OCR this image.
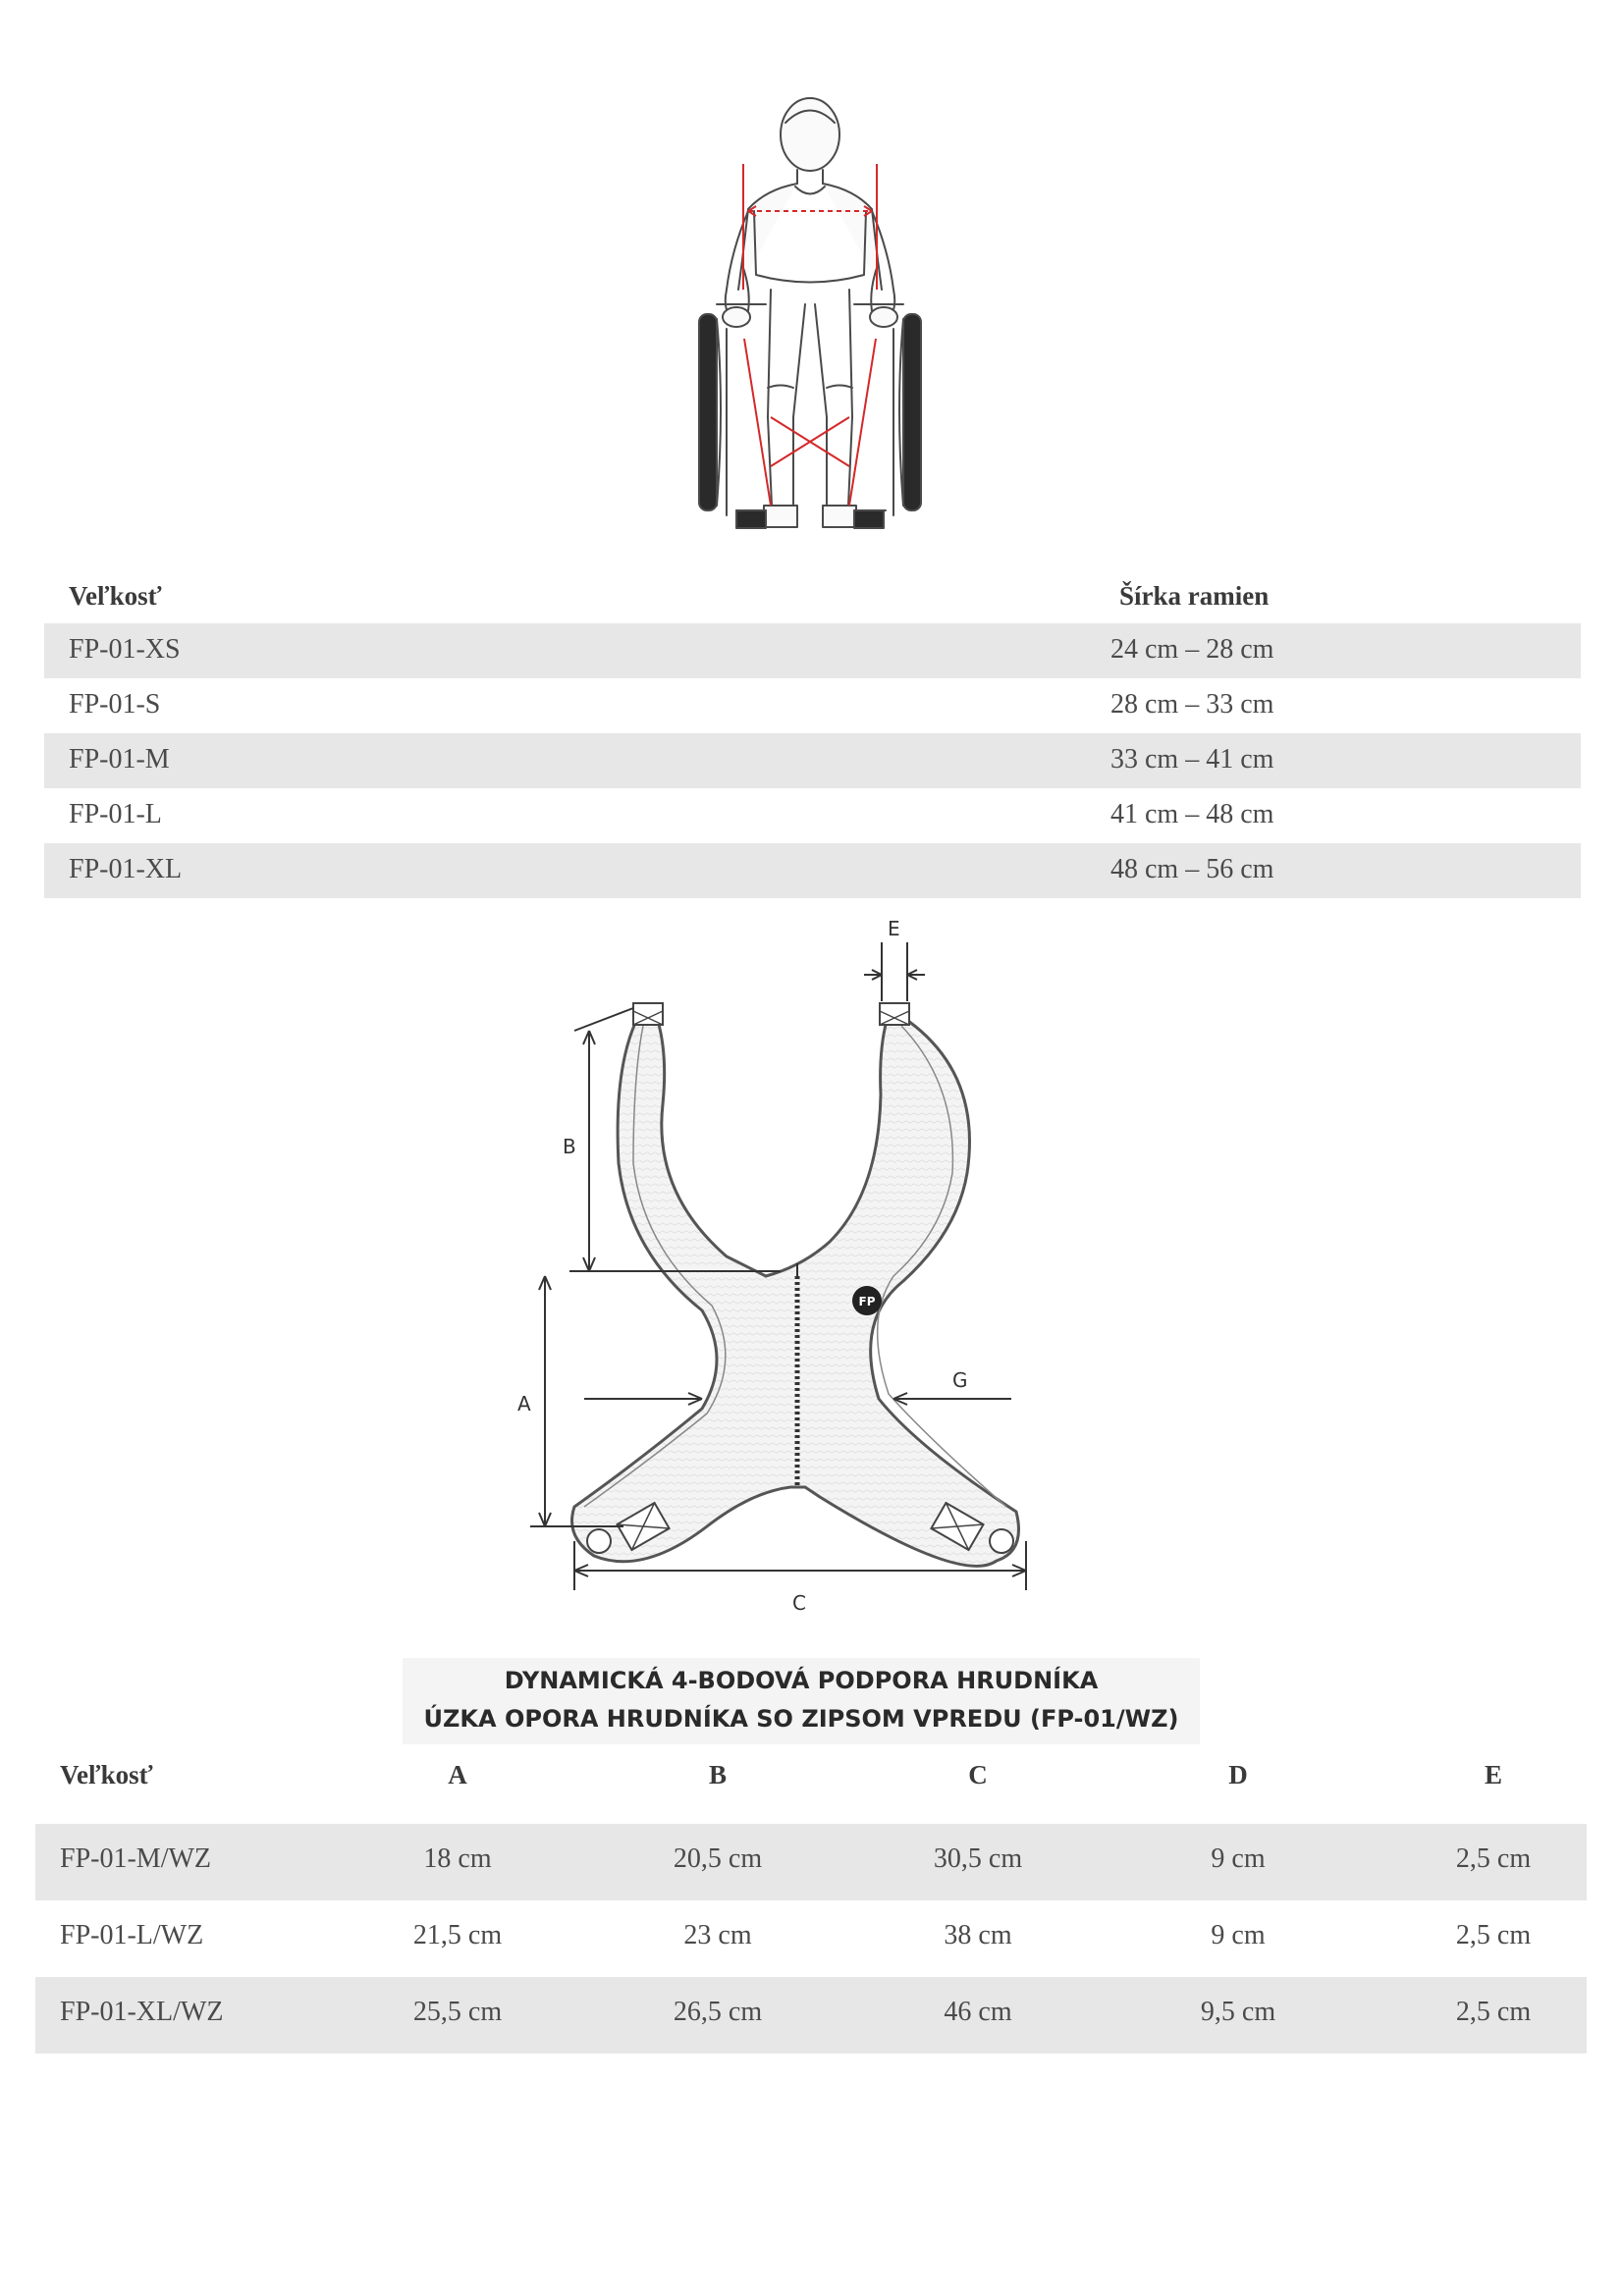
Veľkosť	Šírka ramien
FP-01-XS	24 cm – 28 cm
FP-01-S	28 cm – 33 cm
FP-01-M	33 cm – 41 cm
FP-01-L	41 cm – 48 cm
FP-01-XL	48 cm – 56 cm
FP
B
A
C
E
G
DYNAMICKÁ 4-BODOVÁ PODPORA HRUDNÍKA
ÚZKA OPORA HRUDNÍKA SO ZIPSOM VPREDU (FP-01/WZ)
Veľkosť	A	B	C	D	E
FP-01-M/WZ	18 cm	20,5 cm	30,5 cm	9 cm	2,5 cm
FP-01-L/WZ	21,5 cm	23 cm	38 cm	9 cm	2,5 cm
FP-01-XL/WZ	25,5 cm	26,5 cm	46 cm	9,5 cm	2,5 cm
